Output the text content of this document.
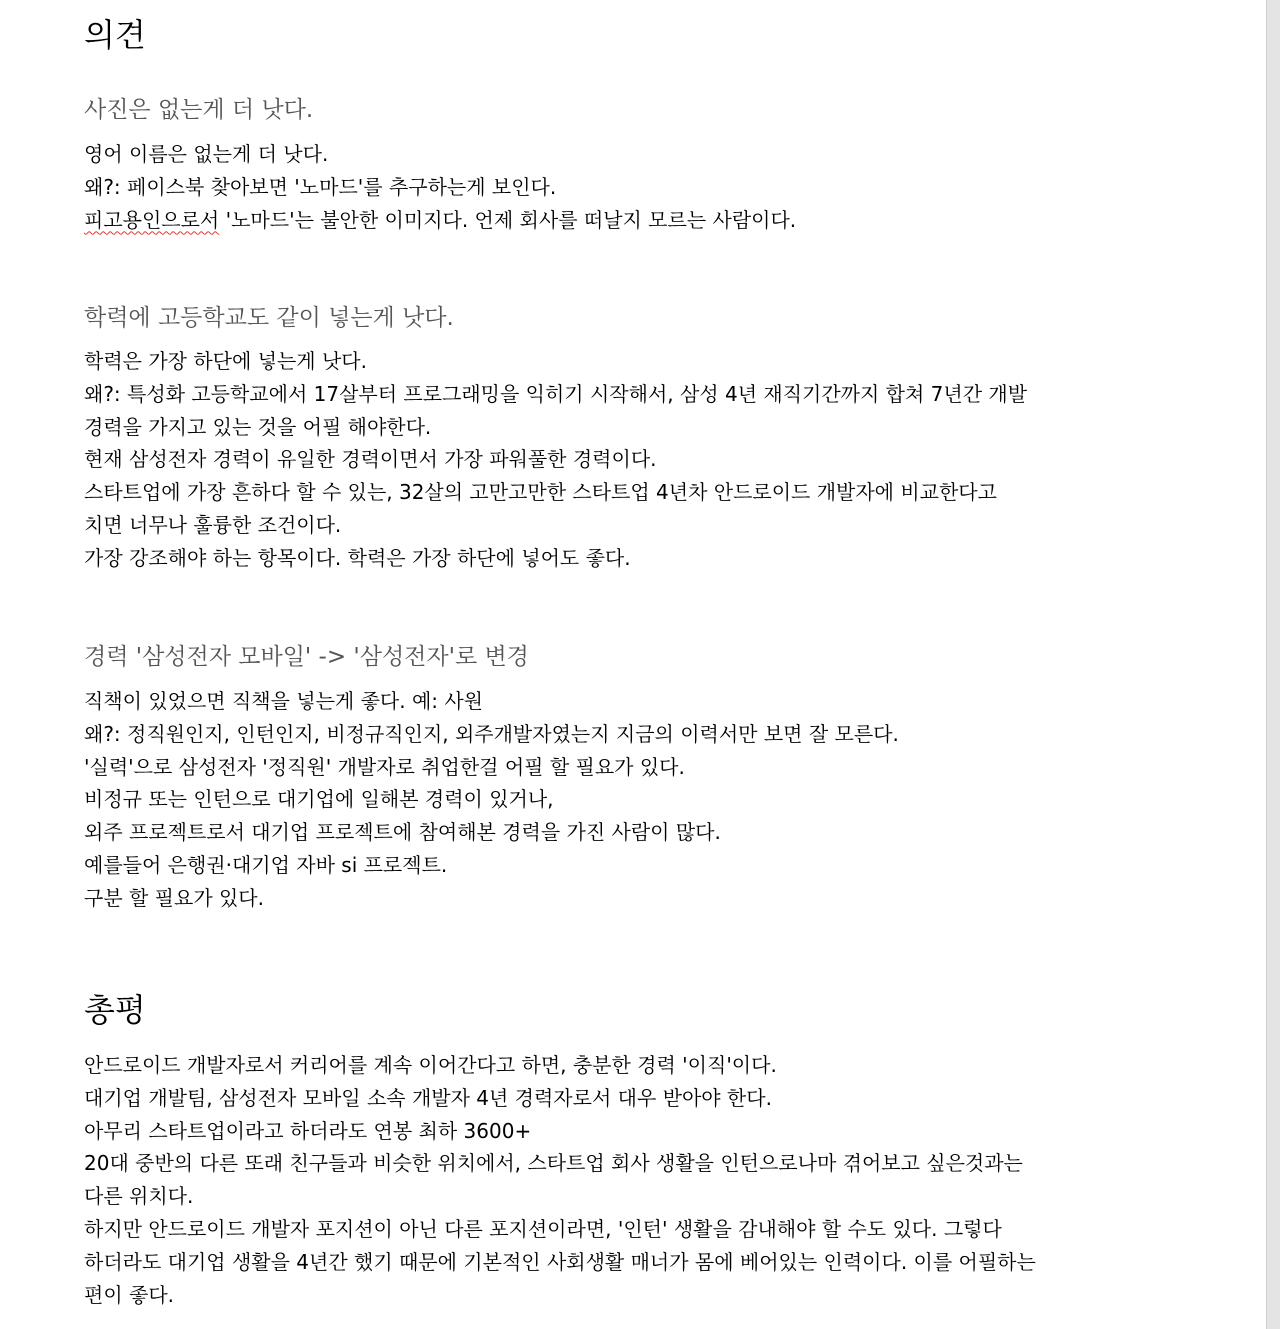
의견
사진은 없는게 더 낫다.
영어 이름은 없는게 더 낫다.
왜?: 페이스북 찾아보면 '노마드'를 추구하는게 보인다.
피고용인으로서 '노마드'는 불안한 이미지다. 언제 회사를 떠날지 모르는 사람이다.
학력에 고등학교도 같이 넣는게 낫다.
학력은 가장 하단에 넣는게 낫다.
왜?: 특성화 고등학교에서 17살부터 프로그래밍을 익히기 시작해서, 삼성 4년 재직기간까지 합쳐 7년간 개발
경력을 가지고 있는 것을 어필 해야한다.
현재 삼성전자 경력이 유일한 경력이면서 가장 파워풀한 경력이다.
스타트업에 가장 흔하다 할 수 있는, 32살의 고만고만한 스타트업 4년차 안드로이드 개발자에 비교한다고
치면 너무나 훌륭한 조건이다.
가장 강조해야 하는 항목이다. 학력은 가장 하단에 넣어도 좋다.
경력 '삼성전자 모바일' -> '삼성전자'로 변경
직책이 있었으면 직책을 넣는게 좋다. 예: 사원
왜?: 정직원인지, 인턴인지, 비정규직인지, 외주개발자였는지 지금의 이력서만 보면 잘 모른다.
'실력'으로 삼성전자 '정직원' 개발자로 취업한걸 어필 할 필요가 있다.
비정규 또는 인턴으로 대기업에 일해본 경력이 있거나,
외주 프로젝트로서 대기업 프로젝트에 참여해본 경력을 가진 사람이 많다.
예를들어 은행권·대기업 자바 si 프로젝트.
구분 할 필요가 있다.
총평
안드로이드 개발자로서 커리어를 계속 이어간다고 하면, 충분한 경력 '이직'이다.
대기업 개발팀, 삼성전자 모바일 소속 개발자 4년 경력자로서 대우 받아야 한다.
아무리 스타트업이라고 하더라도 연봉 최하 3600+
20대 중반의 다른 또래 친구들과 비슷한 위치에서, 스타트업 회사 생활을 인턴으로나마 겪어보고 싶은것과는
다른 위치다.
하지만 안드로이드 개발자 포지션이 아닌 다른 포지션이라면, '인턴' 생활을 감내해야 할 수도 있다. 그렇다
하더라도 대기업 생활을 4년간 했기 때문에 기본적인 사회생활 매너가 몸에 베어있는 인력이다. 이를 어필하는
편이 좋다.
